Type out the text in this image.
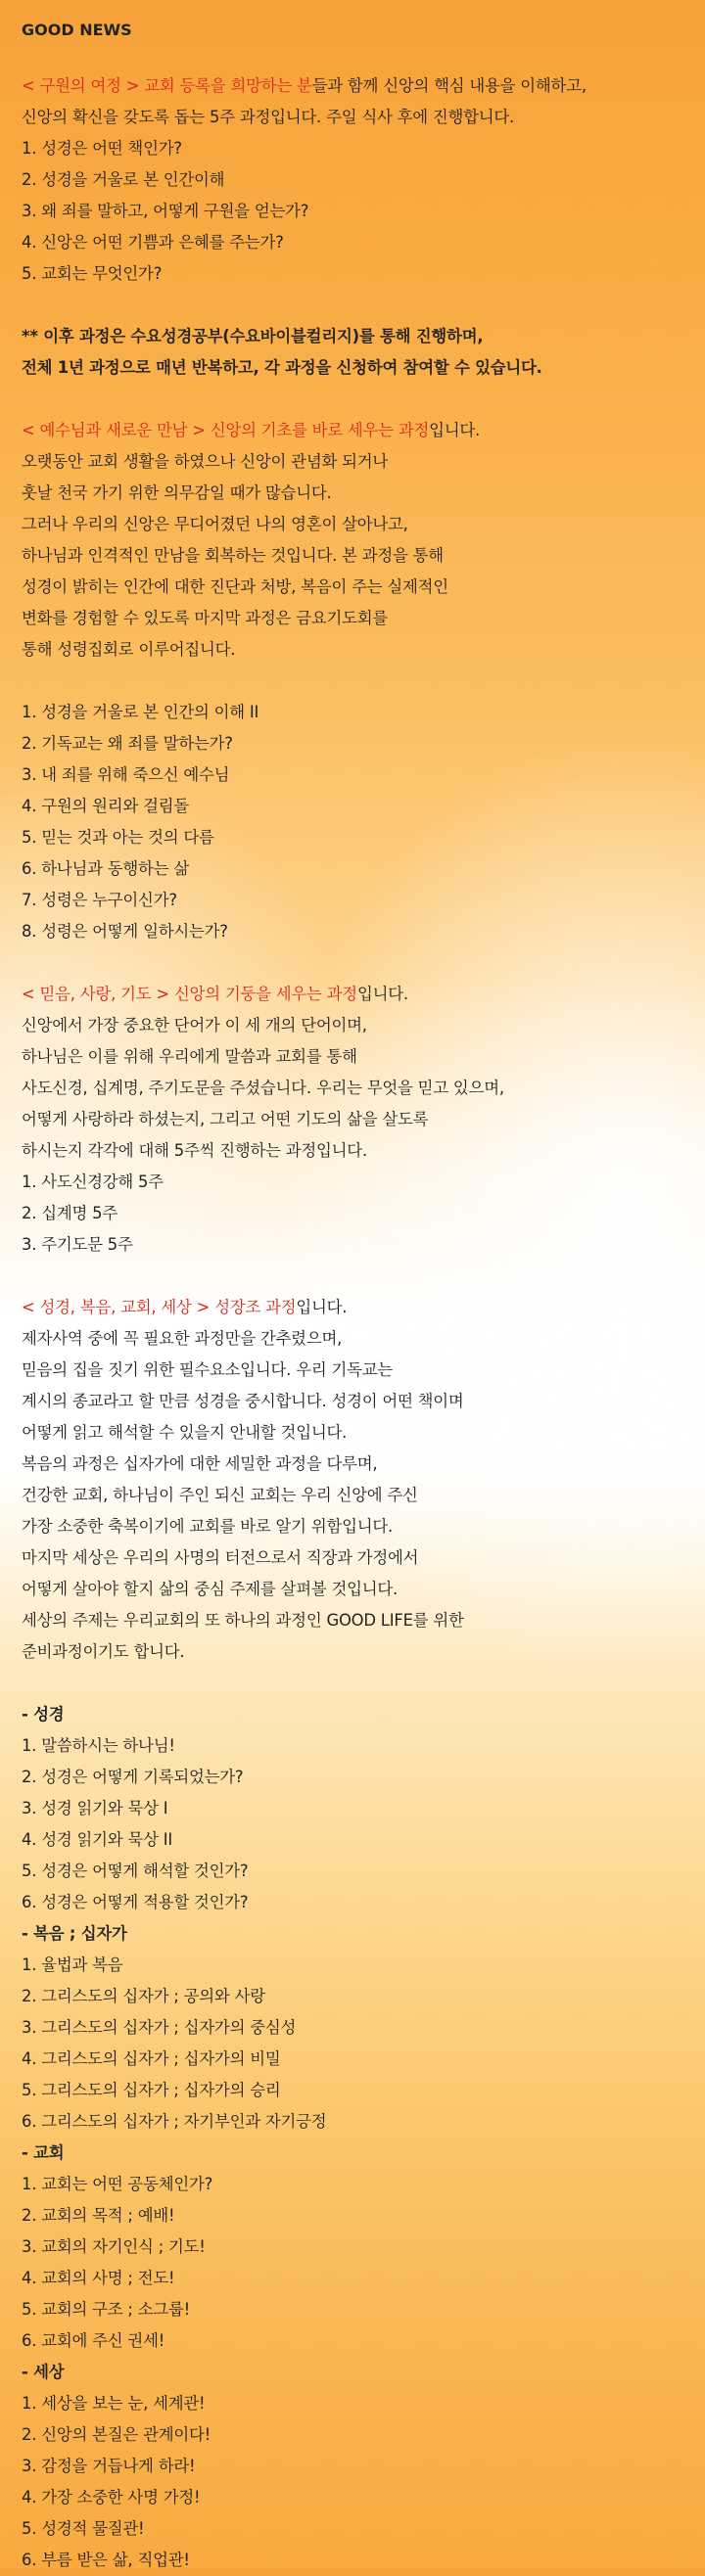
GOOD NEWS

< 구원의 여정 > 교회 등록을 희망하는 분들과 함께 신앙의 핵심 내용을 이해하고,

신앙의 확신을 갖도록 돕는 5주 과정입니다. 주일 식사 후에 진행합니다.

1. 성경은 어떤 책인가?

2. 성경을 거울로 본 인간이해

3. 왜 죄를 말하고, 어떻게 구원을 얻는가?

4. 신앙은 어떤 기쁨과 은혜를 주는가?

5. 교회는 무엇인가?

** 이후 과정은 수요성경공부(수요바이블컬리지)를 통해 진행하며,

전체 1년 과정으로 매년 반복하고, 각 과정을 신청하여 참여할 수 있습니다.

< 예수님과 새로운 만남 > 신앙의 기초를 바로 세우는 과정입니다.

오랫동안 교회 생활을 하였으나 신앙이 관념화 되거나

훗날 천국 가기 위한 의무감일 때가 많습니다.

그러나 우리의 신앙은 무디어졌던 나의 영혼이 살아나고,

하나님과 인격적인 만남을 회복하는 것입니다. 본 과정을 통해

성경이 밝히는 인간에 대한 진단과 처방, 복음이 주는 실제적인

변화를 경험할 수 있도록 마지막 과정은 금요기도회를

통해 성령집회로 이루어집니다.

1. 성경을 거울로 본 인간의 이해 II

2. 기독교는 왜 죄를 말하는가?

3. 내 죄를 위해 죽으신 예수님

4. 구원의 원리와 걸림돌

5. 믿는 것과 아는 것의 다름

6. 하나님과 동행하는 삶

7. 성령은 누구이신가?

8. 성령은 어떻게 일하시는가?

< 믿음, 사랑, 기도 > 신앙의 기둥을 세우는 과정입니다.

신앙에서 가장 중요한 단어가 이 세 개의 단어이며,

하나님은 이를 위해 우리에게 말씀과 교회를 통해

사도신경, 십계명, 주기도문을 주셨습니다. 우리는 무엇을 믿고 있으며,

어떻게 사랑하라 하셨는지, 그리고 어떤 기도의 삶을 살도록

하시는지 각각에 대해 5주씩 진행하는 과정입니다.

1. 사도신경강해 5주

2. 십계명 5주

3. 주기도문 5주

< 성경, 복음, 교회, 세상 > 성장조 과정입니다.

제자사역 중에 꼭 필요한 과정만을 간추렸으며,

믿음의 집을 짓기 위한 필수요소입니다. 우리 기독교는

계시의 종교라고 할 만큼 성경을 중시합니다. 성경이 어떤 책이며

어떻게 읽고 해석할 수 있을지 안내할 것입니다.

복음의 과정은 십자가에 대한 세밀한 과정을 다루며,

건강한 교회, 하나님이 주인 되신 교회는 우리 신앙에 주신

가장 소중한 축복이기에 교회를 바로 알기 위함입니다.

마지막 세상은 우리의 사명의 터전으로서 직장과 가정에서

어떻게 살아야 할지 삶의 중심 주제를 살펴볼 것입니다.

세상의 주제는 우리교회의 또 하나의 과정인 GOOD LIFE를 위한

준비과정이기도 합니다.

- 성경

1. 말씀하시는 하나님!

2. 성경은 어떻게 기록되었는가?

3. 성경 읽기와 묵상 I

4. 성경 읽기와 묵상 II

5. 성경은 어떻게 해석할 것인가?

6. 성경은 어떻게 적용할 것인가?

- 복음 ; 십자가

1. 율법과 복음

2. 그리스도의 십자가 ; 공의와 사랑

3. 그리스도의 십자가 ; 십자가의 중심성

4. 그리스도의 십자가 ; 십자가의 비밀

5. 그리스도의 십자가 ; 십자가의 승리

6. 그리스도의 십자가 ; 자기부인과 자기긍정

- 교회

1. 교회는 어떤 공동체인가?

2. 교회의 목적 ; 예배!

3. 교회의 자기인식 ; 기도!

4. 교회의 사명 ; 전도!

5. 교회의 구조 ; 소그룹!

6. 교회에 주신 권세!

- 세상

1. 세상을 보는 눈, 세계관!

2. 신앙의 본질은 관계이다!

3. 감정을 거듭나게 하라!

4. 가장 소중한 사명 가정!

5. 성경적 물질관!

6. 부름 받은 삶, 직업관!
